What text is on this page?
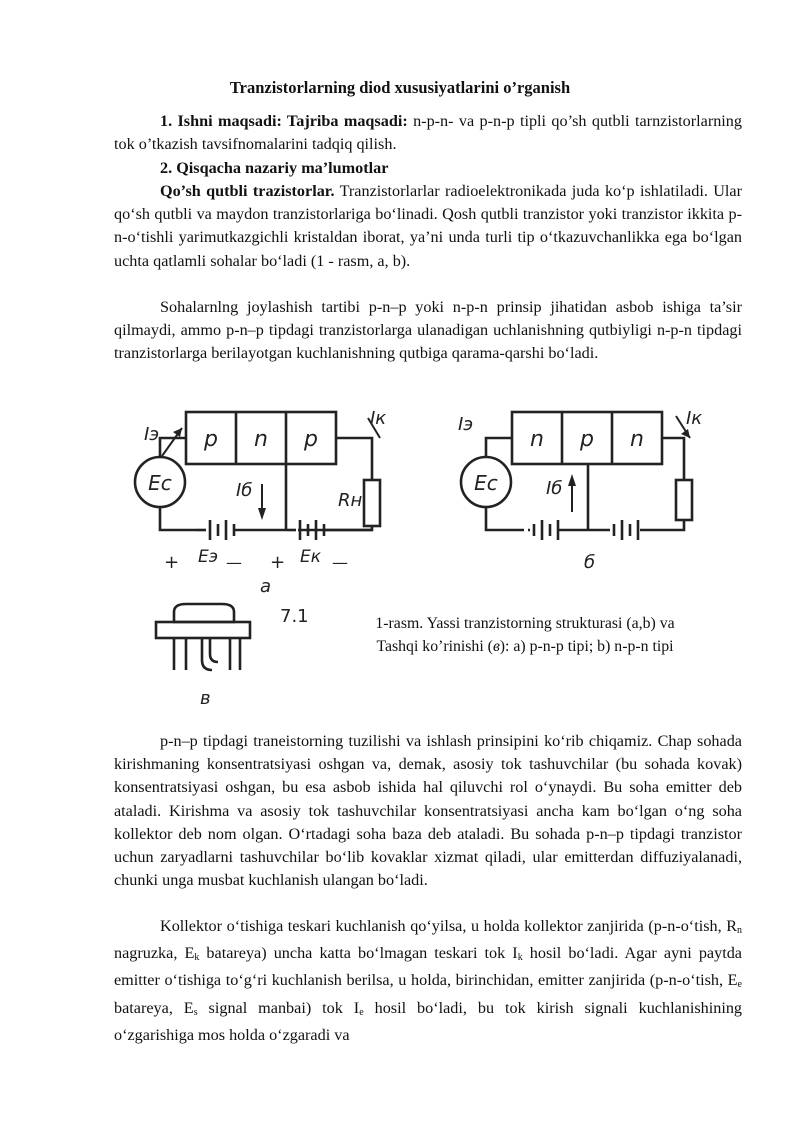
Tranzistorlarning diod xususiyatlarini o’rganish

1. Ishni maqsadi: Tajriba maqsadi: n-p-n- va p-n-p tipli qo’sh qutbli tarnzistorlarning tok o’tkazish tavsifnomalarini tadqiq qilish.

2. Qisqacha nazariy ma’lumotlar

Qo’sh qutbli trazistorlar. Tranzistorlarlar radioelektronikada juda koʻp ishlatiladi. Ular qoʻsh qutbli va maydon tranzistorlariga boʻlinadi. Qosh qutbli tranzistor yoki tranzistor ikkita p-n-oʻtishli yarimutkazgichli kristaldan iborat, ya’ni unda turli tip oʻtkazuvchanlikka ega boʻlgan uchta qatlamli sohalar boʻladi (1 - rasm, a, b).

Sohalarnlng joylashish tartibi p-n–p yoki n-p-n prinsip jihatidan asbob ishiga ta’sir qilmaydi, ammo p-n–p tipdagi tranzistorlarga ulanadigan uchlanishning qutbiyligi n-p-n tipdagi tranzistorlarga berilayotgan kuchlanishning qutbiga qarama-qarshi boʻladi.

p n p
Ec
Iэ
Rн
Iк
Iб
+ Eэ — + Eк —
a
n p n
Ec
Iэ	Iк
Iб
б
7.1
в
1-rasm. Yassi tranzistorning strukturasi (a,b) va
Tashqi ko’rinishi (в): a) p-n-p tipi; b) n-p-n tipi

p-n–p tipdagi traneistorning tuzilishi va ishlash prinsipini koʻrib chiqamiz. Chap sohada kirishmaning konsentratsiyasi oshgan va, demak, asosiy tok tashuvchilar (bu sohada kovak) konsentratsiyasi oshgan, bu esa asbob ishida hal qiluvchi rol oʻynaydi. Bu soha emitter deb ataladi. Kirishma va asosiy tok tashuvchilar konsentratsiyasi ancha kam boʻlgan oʻng soha kollektor deb nom olgan. Oʻrtadagi soha baza deb ataladi. Bu sohada p-n–p tipdagi tranzistor uchun zaryadlarni tashuvchilar boʻlib kovaklar xizmat qiladi, ular emitterdan diffuziyalanadi, chunki unga musbat kuchlanish ulangan boʻladi.

Kollektor oʻtishiga teskari kuchlanish qoʻyilsa, u holda kollektor zanjirida (p-n-oʻtish, $R_n$ nagruzka, $E_k$ batareya) uncha katta boʻlmagan teskari tok $I_k$ hosil boʻladi. Agar ayni paytda emitter oʻtishiga toʻgʻri kuchlanish berilsa, u holda, birinchidan, emitter zanjirida (p-n-oʻtish, $E_e$ batareya, $E_s$ signal manbai) tok $I_e$ hosil boʻladi, bu tok kirish signali kuchlanishining oʻzgarishiga mos holda oʻzgaradi va
